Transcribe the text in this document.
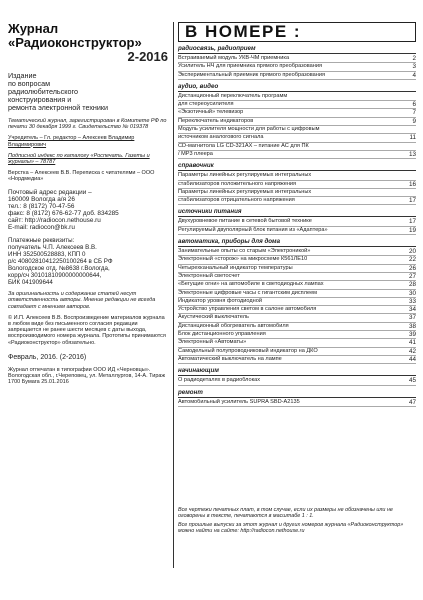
Журнал
«Радиоконструктор»
2-2016
Издание
по вопросам
радиолюбительского
конструирования и
ремонта электронной техники
Тематический журнал, зарегистрирован в Комитете РФ по печати 30 декабря 1999 г. Свидетельство № 019378
Учредитель – Гл. редактор – Алексеев Владимир Владимирович
Подписной индекс по каталогу «Роспечать. Газеты и журналы» – 78787
Верстка – Алексеев В.В. Переписка с читателями – ООО «Нордмедиа»
Почтовый адрес редакции –
160009 Вологда а/я 26
тел.: 8 (8172) 70-47-56
факс: 8 (8172) 676-62-77 доб. 834285
сайт: http://radiocon.nethouse.ru
E-mail: radiocon@bk.ru
Платежные реквизиты:
получатель Ч.П. Алексеев В.В.
ИНН 352500528883, КПП 0
р/с 40802810412250100264 в СБ РФ
Вологодское отд. №8638 г.Вологда,
корр/сч 30101810900000000644,
БИК 041909644
За оригинальность и содержание статей несут ответственность авторы. Мнение редакции не всегда совпадает с мнением авторов.
© И.П. Алексеев В.В. Воспроизведение материалов журнала в любом виде без письменного согласия редакции запрещается не ранее шести месяцев с даты выхода, воспроизводимого номера журнала. Прототипы принимаются «Радиоконструктор» обязательно.
Февраль, 2016. (2-2016)
Журнал отпечатан в типографии ООО ИД «Черновцы». Вологодская обл., г.Череповец, ул. Металлургов, 14-А. Тираж 1700 Бумага 25.01.2016
В НОМЕРЕ :
радиосвязь, радиоприем
Встраиваемый модуль УКВ-ЧМ приемника	2
Усилитель НЧ для приемника прямого преобразования	3
Экспериментальный приемник прямого преобразования	4
аудио, видео
Дистанционный переключатель программ
для стереоусилителя	6
«Экзотичный» телевизор	7
Переключатель индикаторов	9
Модуль усилителя мощности для работы с цифровым
источником аналогового сигнала	11
CD-магнитола LG CD-321AX – питание АС для ПК
/ MP3 плеера	13
справочник
Параметры линейных регулируемых интегральных
стабилизаторов положительного напряжения	16
Параметры линейных регулируемых интегральных
стабилизаторов отрицательного напряжения	17
источники питания
Двухуровневое питание в сетевой бытовой технике	17
Регулируемый двуполярный блок питания из «Адаптера»	19
автоматика, приборы для дома
Занимательные опыты со старым «Электроникой»	20
Электронный «сторож» на микросхеме К561ЛЕ10	22
Четырехканальный индикатор температуры	26
Электронный светосчет	27
«Бегущие огни» на автомобиле в светодиодных лампах	28
Электронные цифровые часы с гигантским дисплеем	30
Индикатор уровня фотодиодной	33
Устройство управления светом в салоне автомобиля	34
Акустический выключатель	37
Дистанционный обогреватель автомобиля	38
Блок дистанционного управления	39
Электронный «Автоматы»	41
Самодельный полупроводниковый индикатор на ДКО	42
Автоматический выключатель на лампе	44
начинающим
О радиодеталях в радиоблоках	45
ремонт
Автомобильный усилитель SUPRA SBD-A2135	47
Все чертежи печатных плат, в том случае, если их размеры не обозначены или не оговорены в тексте, печатаются в масштабе 1 : 1.
Все прошлые выпуски за этот журнал и других номеров журнала «Радиоконструктор» можно найти на сайте: http://radiocon.nethouse.ru
